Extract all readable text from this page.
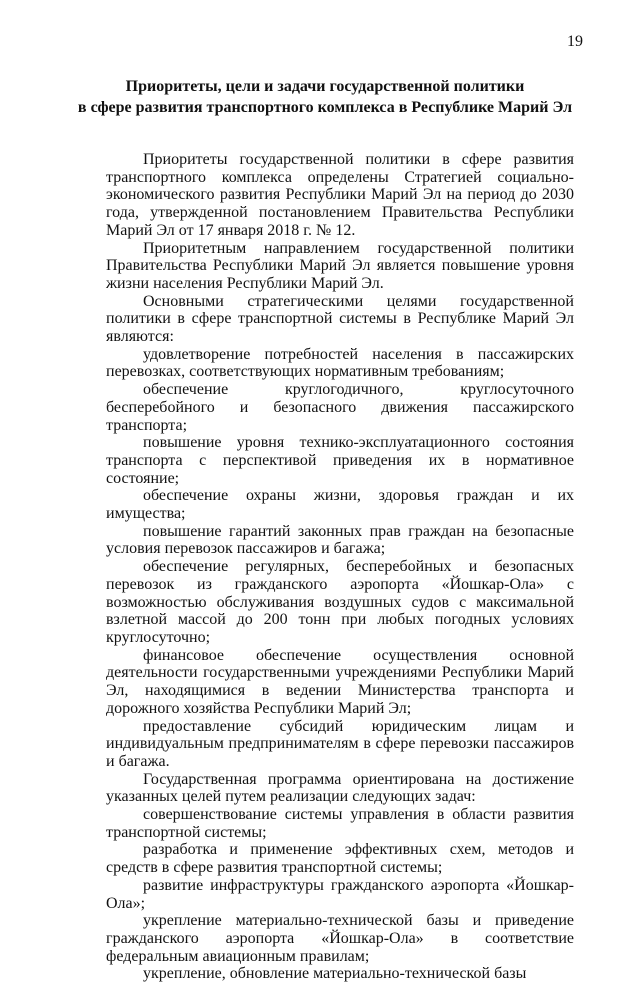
19
Приоритеты, цели и задачи государственной политики
в сфере развития транспортного комплекса в Республике Марий Эл

Приоритеты государственной политики в сфере развития транспортного комплекса определены Стратегией социально-экономического развития Республики Марий Эл на период до 2030 года, утвержденной постановлением Правительства Республики Марий Эл от 17 января 2018 г. № 12.

Приоритетным направлением государственной политики Правительства Республики Марий Эл является повышение уровня жизни населения Республики Марий Эл.

Основными стратегическими целями государственной политики в сфере транспортной системы в Республике Марий Эл являются:

удовлетворение потребностей населения в пассажирских перевозках, соответствующих нормативным требованиям;

обеспечение круглогодичного, круглосуточного бесперебойного и безопасного движения пассажирского транспорта;

повышение уровня технико-эксплуатационного состояния транспорта с перспективой приведения их в нормативное состояние;

обеспечение охраны жизни, здоровья граждан и их имущества;

повышение гарантий законных прав граждан на безопасные условия перевозок пассажиров и багажа;

обеспечение регулярных, бесперебойных и безопасных перевозок из гражданского аэропорта «Йошкар-Ола» с возможностью обслуживания воздушных судов с максимальной взлетной массой до 200 тонн при любых погодных условиях круглосуточно;

финансовое обеспечение осуществления основной деятельности государственными учреждениями Республики Марий Эл, находящимися в ведении Министерства транспорта и дорожного хозяйства Республики Марий Эл;

предоставление субсидий юридическим лицам и индивидуальным предпринимателям в сфере перевозки пассажиров и багажа.

Государственная программа ориентирована на достижение указанных целей путем реализации следующих задач:

совершенствование системы управления в области развития транспортной системы;

разработка и применение эффективных схем, методов и средств в сфере развития транспортной системы;

развитие инфраструктуры гражданского аэропорта «Йошкар-Ола»;

укрепление материально-технической базы и приведение гражданского аэропорта «Йошкар-Ола» в соответствие федеральным авиационным правилам;

укрепление, обновление материально-технической базы
